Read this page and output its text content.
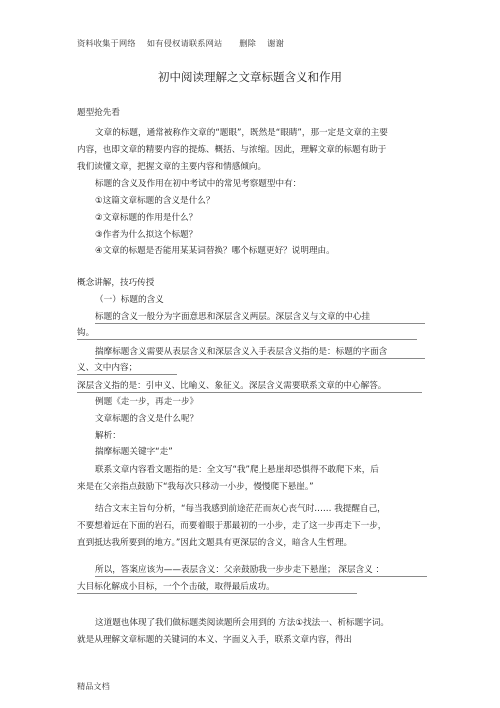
资料收集于网络    如有侵权请联系网站      删除    谢谢
初中阅读理解之文章标题含义和作用
题型抢先看
文章的标题，通常被称作文章的“题眼”，既然是“眼睛”，那一定是文章的主要
内容，也即文章的精要内容的提炼、概括、与浓缩。因此，理解文章的标题有助于
我们读懂文章，把握文章的主要内容和情感倾向。
标题的含义及作用在初中考试中的常见考察题型中有：
①这篇文章标题的含义是什么？
②文章标题的作用是什么？
③作者为什么拟这个标题？
④文章的标题是否能用某某词替换？哪个标题更好？说明理由。
概念讲解，技巧传授
（一）标题的含义
标题的含义一般分为字面意思和深层含义两层。深层含义与文章的中心挂
钩。
揣摩标题含义需要从表层含义和深层含义入手表层含义指的是：标题的字面含
义、文中内容；
深层含义指的是：引申义、比喻义、象征义。深层含义需要联系文章的中心解答。
例题《走一步，再走一步》
文章标题的含义是什么呢？
解析：
揣摩标题关键字“走”
联系文章内容看文题指的是：全文写“我”爬上悬崖却恐惧得不敢爬下来，后
来是在父亲指点鼓励下“我每次只移动一小步，慢慢爬下悬崖。”
结合文末主旨句分析，“每当我感到前途茫茫而灰心丧气时…… 我提醒自己，
不要想着远在下面的岩石，而要着眼于那最初的一小步，走了这一步再走下一步，
直到抵达我所要到的地方。”因此文题具有更深层的含义，暗含人生哲理。
所以，答案应该为——表层含义：父亲鼓励我一步步走下悬崖； 深层含义 ：
大目标化解成小目标，一个个击破，取得最后成功。
这道题也体现了我们做标题类阅读题所会用到的 方法①找法一、析标题字词。
就是从理解文章标题的关键词的本义、字面义入手，联系文章内容，得出
精品文档
